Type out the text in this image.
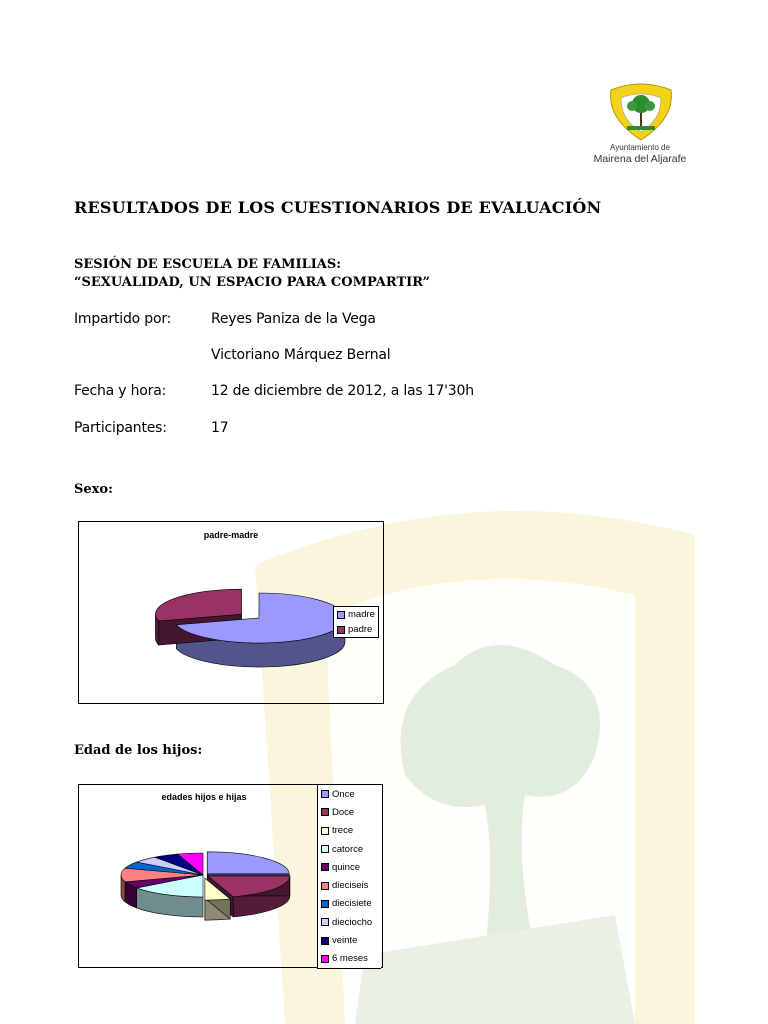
Ayuntamiento de
Mairena del Aljarafe
RESULTADOS DE LOS CUESTIONARIOS DE EVALUACIÓN
SESIÓN DE ESCUELA DE FAMILIAS:
“SEXUALIDAD, UN ESPACIO PARA COMPARTIR”
Impartido por:	Reyes Paniza de la Vega
Victoriano Márquez Bernal
Fecha y hora:	12 de diciembre de 2012, a las 17'30h
Participantes:	17
Sexo:
padre-madre
madre
padre
Edad de los hijos:
edades hijos e hijas	Once
Doce
trece
catorce
quince
dieciseis
diecisiete
dieciocho
veinte
6 meses
